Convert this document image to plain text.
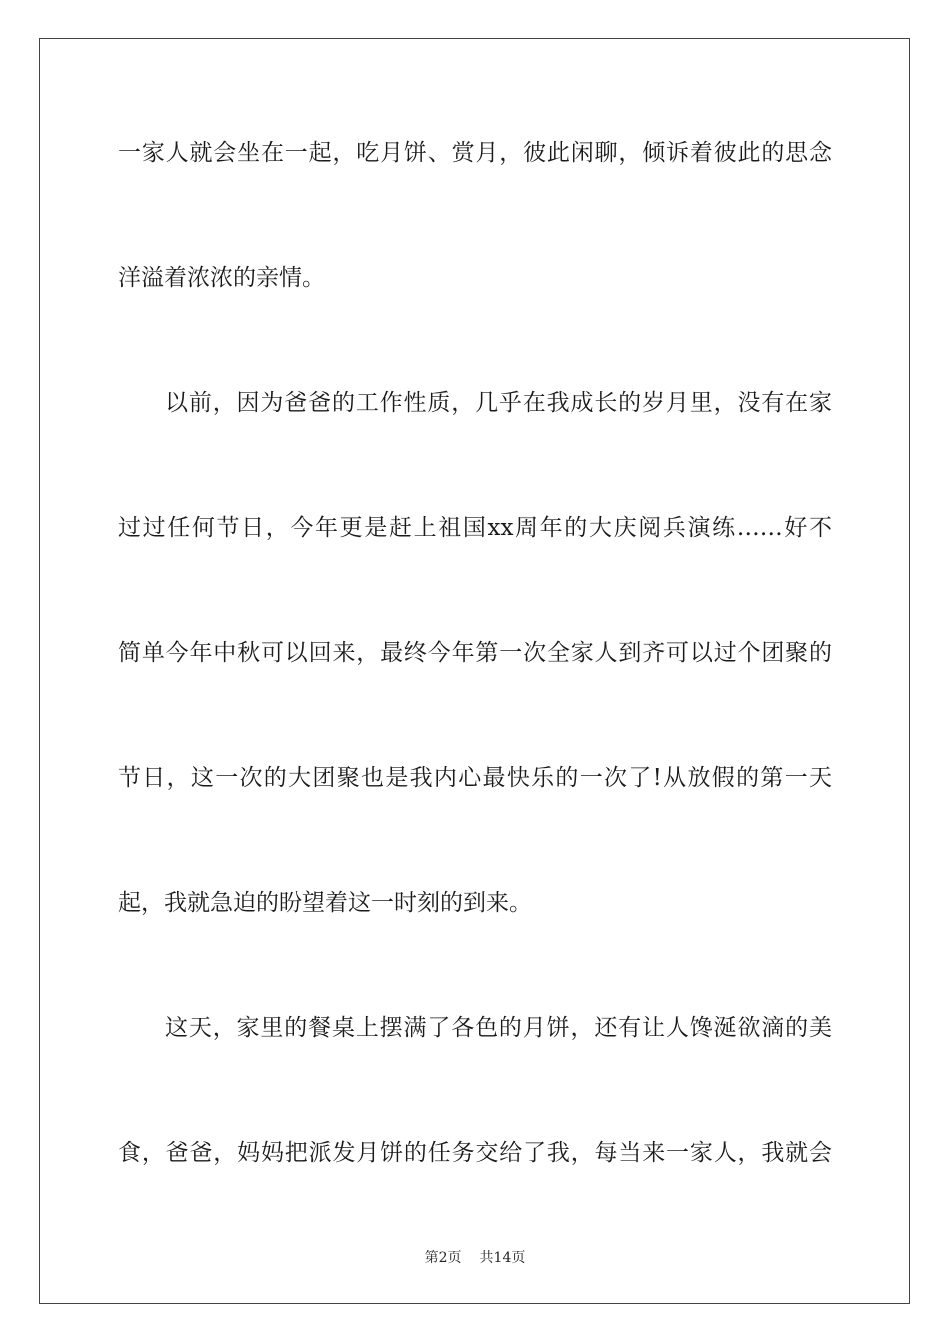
一家人就会坐在一起，吃月饼、赏月，彼此闲聊，倾诉着彼此的思念
洋溢着浓浓的亲情。
以前，因为爸爸的工作性质，几乎在我成长的岁月里，没有在家
过过任何节日，今年更是赶上祖国xx周年的大庆阅兵演练……好不
简单今年中秋可以回来，最终今年第一次全家人到齐可以过个团聚的
节日，这一次的大团聚也是我内心最快乐的一次了!从放假的第一天
起，我就急迫的盼望着这一时刻的到来。
这天，家里的餐桌上摆满了各色的月饼，还有让人馋涎欲滴的美
食，爸爸，妈妈把派发月饼的任务交给了我，每当来一家人，我就会
第2页 共14页
